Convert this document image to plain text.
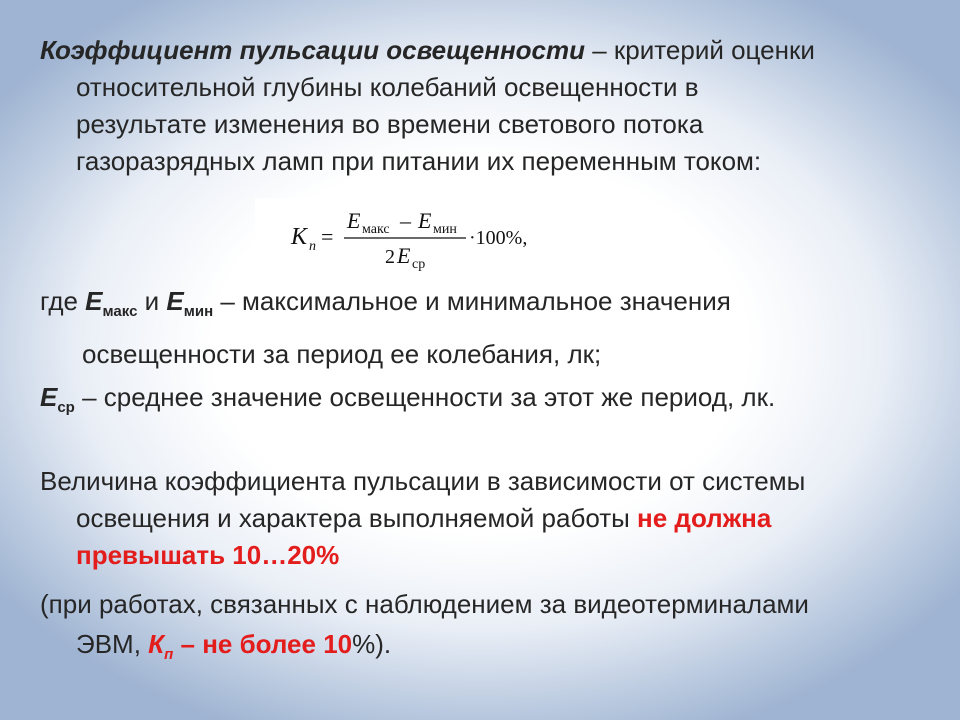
Коэффициент пульсации освещенности – критерий оценки
относительной глубины колебаний освещенности в
результате изменения во времени светового потока
газоразрядных ламп при питании их переменным током:
К п =
Е макс – Е мин
2 Е ср
·100%,
где $Е_{макс}$ и $Е_{мин}$ – максимальное и минимальное значения
освещенности за период ее колебания, лк;
$Е_{ср}$ – среднее значение освещенности за этот же период, лк.
Величина коэффициента пульсации в зависимости от системы
освещения и характера выполняемой работы не должна
превышать 10…20%
(при работах, связанных с наблюдением за видеотерминалами
ЭВМ, $К_п$ – не более 10%).
